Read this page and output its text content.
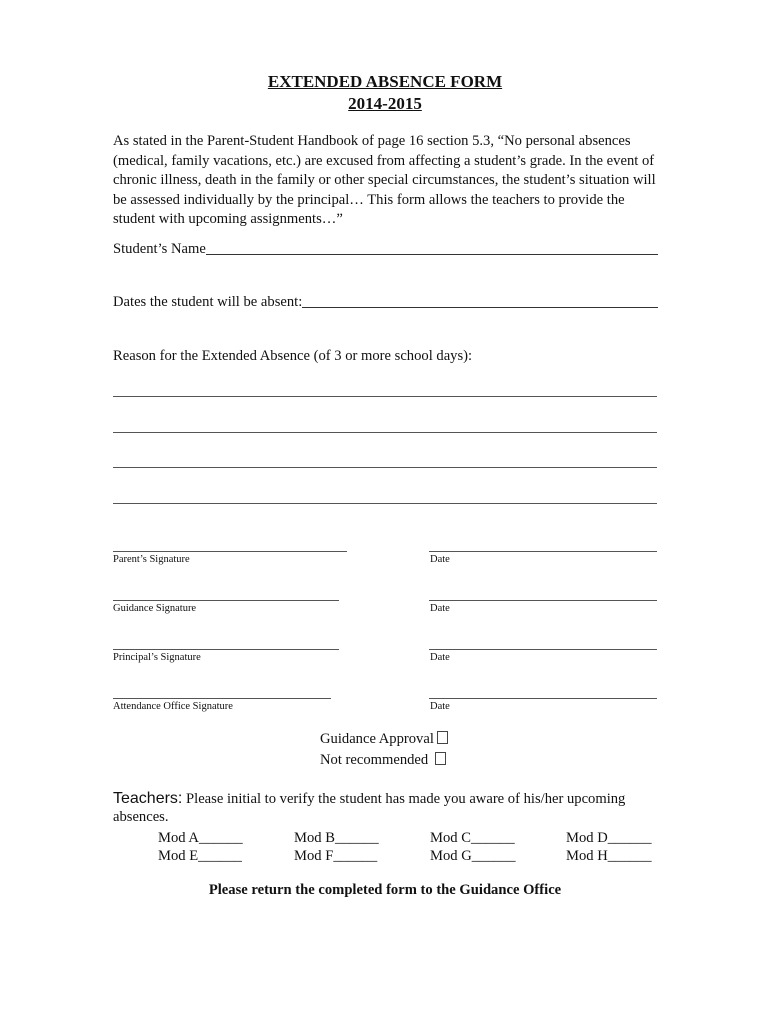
EXTENDED ABSENCE FORM
2014-2015
As stated in the Parent-Student Handbook of page 16 section 5.3, “No personal absences (medical, family vacations, etc.) are excused from affecting a student’s grade. In the event of chronic illness, death in the family or other special circumstances, the student’s situation will be assessed individually by the principal… This form allows the teachers to provide the student with upcoming assignments…”
Student’s Name
Dates the student will be absent:
Reason for the Extended Absence (of 3 or more school days):
Parent’s Signature	Date
Guidance Signature	Date
Principal’s Signature	Date
Attendance Office Signature	Date
Guidance Approval
Not recommended
Teachers: Please initial to verify the student has made you aware of his/her upcoming absences.
Mod A______	Mod B______	Mod C______	Mod D______
Mod E______	Mod F______	Mod G______	Mod H______
Please return the completed form to the Guidance Office
